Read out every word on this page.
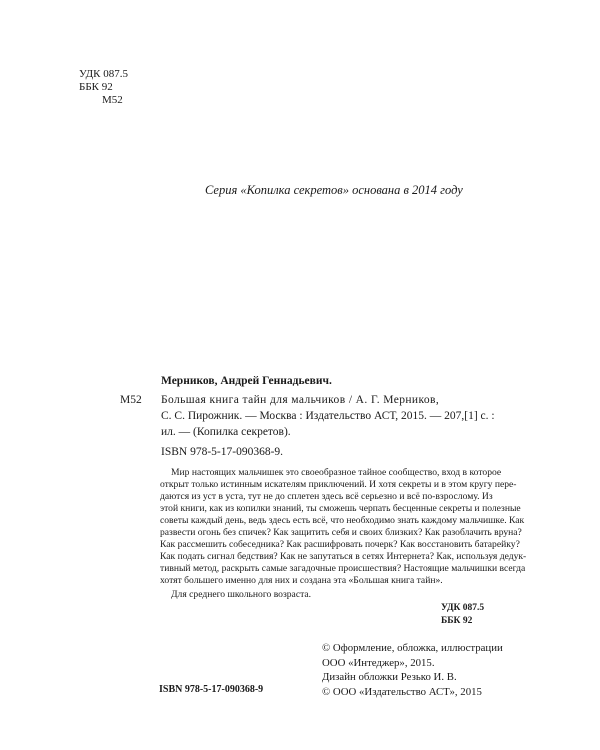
УДК 087.5
ББК 92
М52
Серия «Копилка секретов» основана в 2014 году
Мерников, Андрей Геннадьевич.
М52 Большая книга тайн для мальчиков / А. Г. Мерников,
С. С. Пирожник. — Москва : Издательство АСТ, 2015. — 207,[1] с. :
ил. — (Копилка секретов).
ISBN 978-5-17-090368-9.
Мир настоящих мальчишек это своеобразное тайное сообщество, вход в которое
открыт только истинным искателям приключений. И хотя секреты и в этом кругу пере-
даются из уст в уста, тут не до сплетен здесь всё серьезно и всё по-взрослому. Из
этой книги, как из копилки знаний, ты сможешь черпать бесценные секреты и полезные
советы каждый день, ведь здесь есть всё, что необходимо знать каждому мальчишке. Как
развести огонь без спичек? Как защитить себя и своих близких? Как разоблачить вруна?
Как рассмешить собеседника? Как расшифровать почерк? Как восстановить батарейку?
Как подать сигнал бедствия? Как не запутаться в сетях Интернета? Как, используя дедук-
тивный метод, раскрыть самые загадочные происшествия? Настоящие мальчишки всегда
хотят большего именно для них и создана эта «Большая книга тайн».
Для среднего школьного возраста.
УДК 087.5
ББК 92
© Оформление, обложка, иллюстрации
ООО «Интеджер», 2015.
Дизайн обложки Резько И. В.
© ООО «Издательство АСТ», 2015
ISBN 978-5-17-090368-9
